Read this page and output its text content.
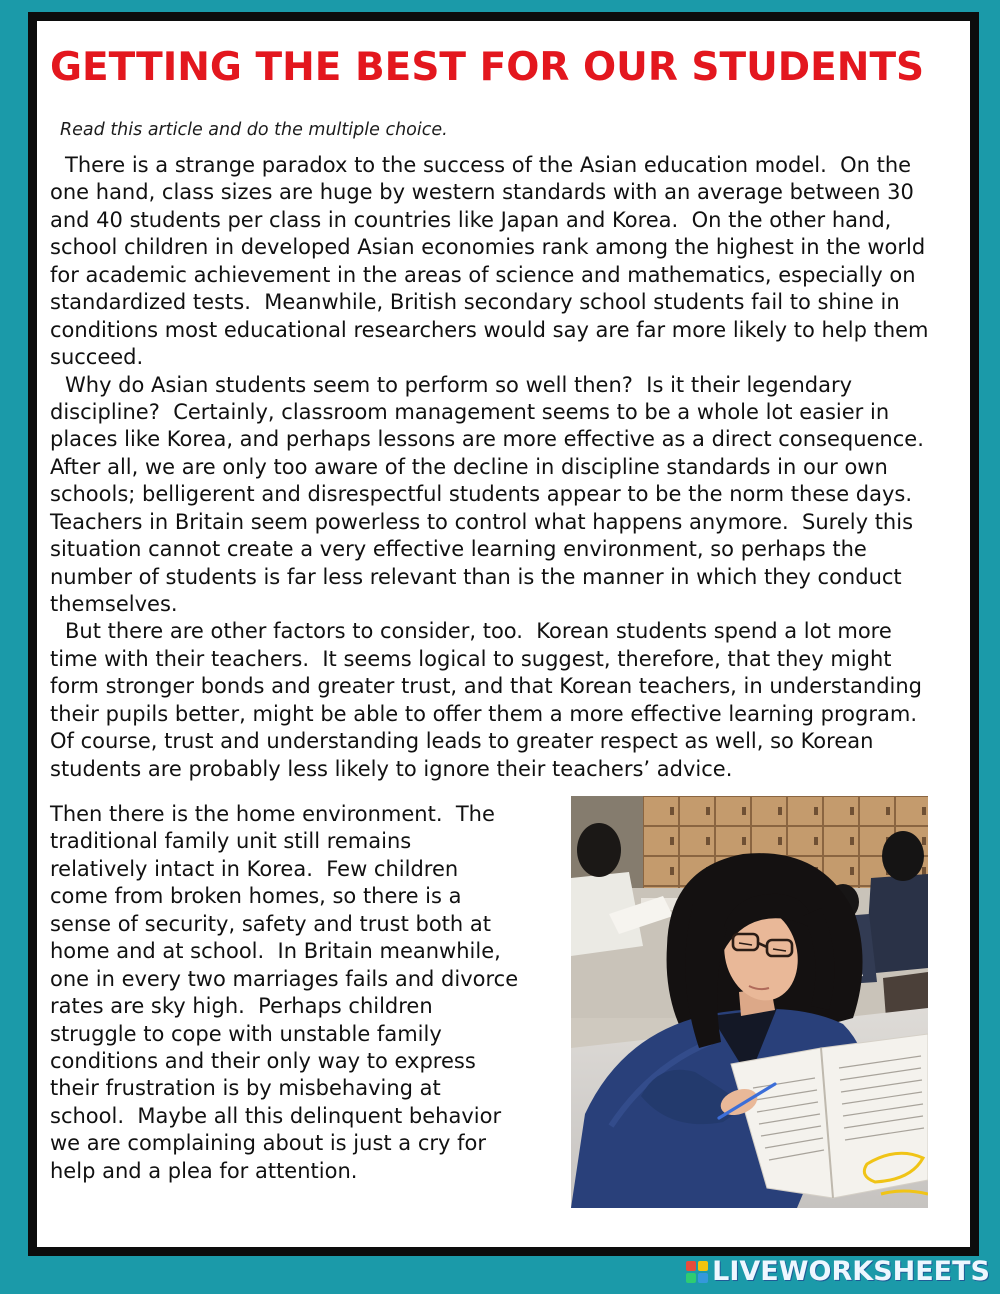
GETTING THE BEST FOR OUR STUDENTS
Read this article and do the multiple choice.
There is a strange paradox to the success of the Asian education model.  On the
one hand, class sizes are huge by western standards with an average between 30
and 40 students per class in countries like Japan and Korea.  On the other hand,
school children in developed Asian economies rank among the highest in the world
for academic achievement in the areas of science and mathematics, especially on
standardized tests.  Meanwhile, British secondary school students fail to shine in
conditions most educational researchers would say are far more likely to help them
succeed.
Why do Asian students seem to perform so well then?  Is it their legendary
discipline?  Certainly, classroom management seems to be a whole lot easier in
places like Korea, and perhaps lessons are more effective as a direct consequence.
After all, we are only too aware of the decline in discipline standards in our own
schools; belligerent and disrespectful students appear to be the norm these days.
Teachers in Britain seem powerless to control what happens anymore.  Surely this
situation cannot create a very effective learning environment, so perhaps the
number of students is far less relevant than is the manner in which they conduct
themselves.
But there are other factors to consider, too.  Korean students spend a lot more
time with their teachers.  It seems logical to suggest, therefore, that they might
form stronger bonds and greater trust, and that Korean teachers, in understanding
their pupils better, might be able to offer them a more effective learning program.
Of course, trust and understanding leads to greater respect as well, so Korean
students are probably less likely to ignore their teachers’ advice.
Then there is the home environment.  The
traditional family unit still remains
relatively intact in Korea.  Few children
come from broken homes, so there is a
sense of security, safety and trust both at
home and at school.  In Britain meanwhile,
one in every two marriages fails and divorce
rates are sky high.  Perhaps children
struggle to cope with unstable family
conditions and their only way to express
their frustration is by misbehaving at
school.  Maybe all this delinquent behavior
we are complaining about is just a cry for
help and a plea for attention.
LIVEWORKSHEETS
